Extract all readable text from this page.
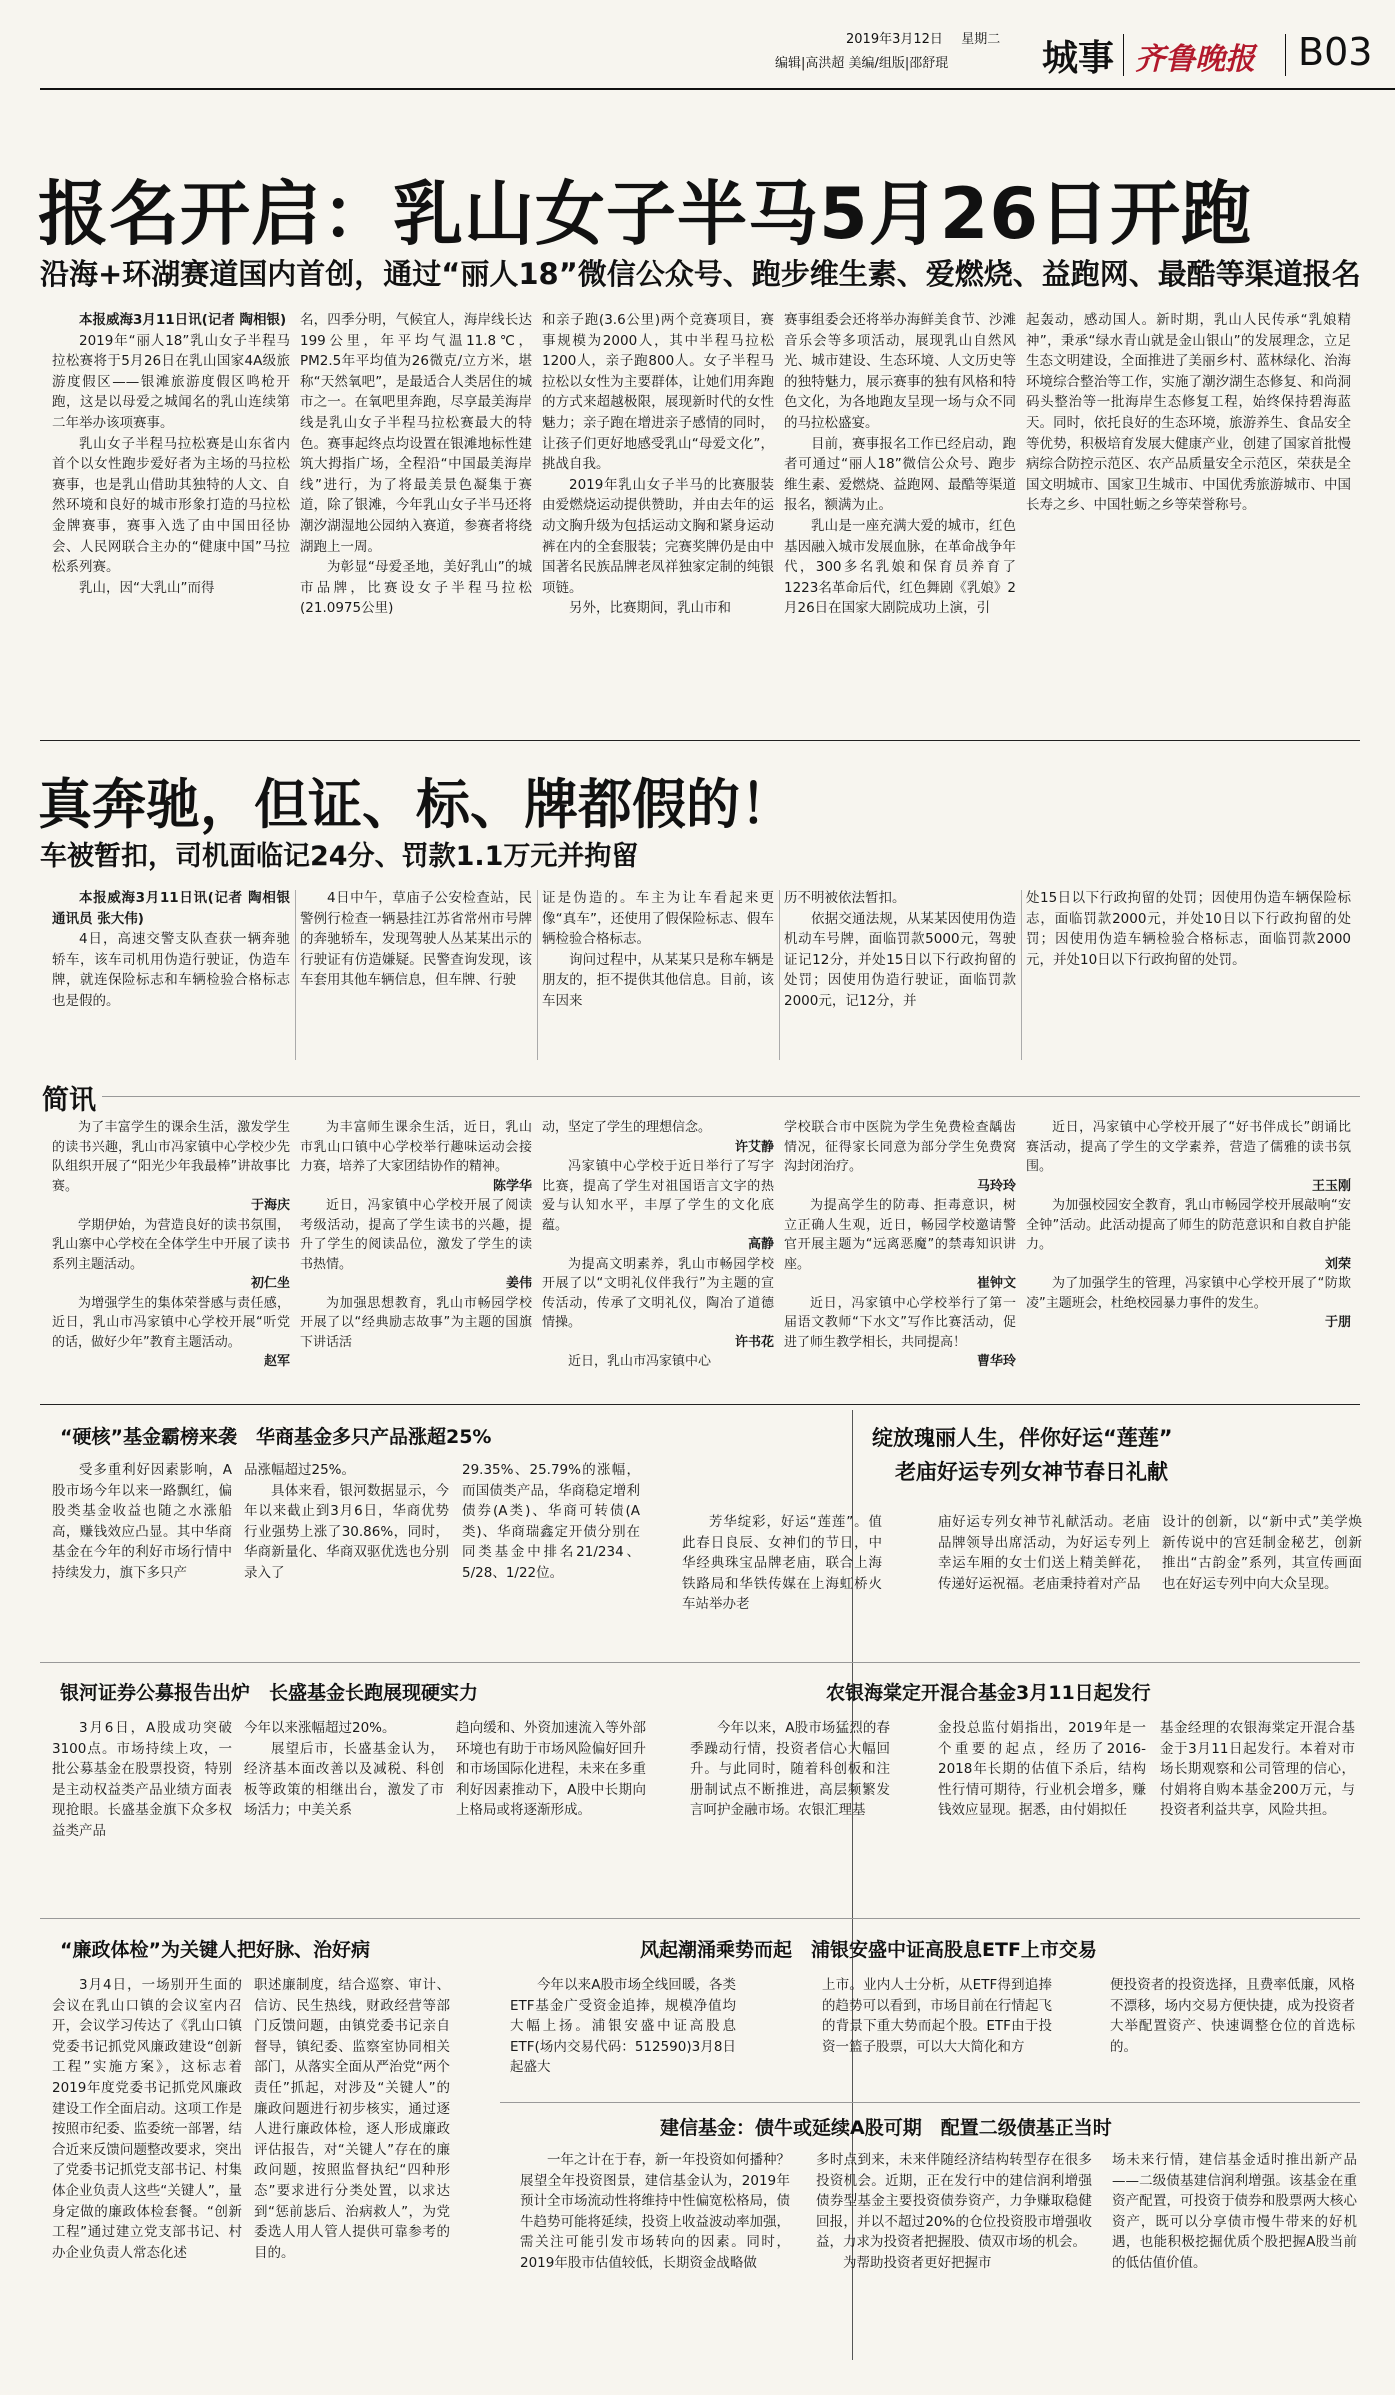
2019年3月12日 星期二
编辑|高洪超 美编/组版|邵舒琨	城事 齐鲁晚报 B03
报名开启：乳山女子半马5月26日开跑
沿海+环湖赛道国内首创，通过“丽人18”微信公众号、跑步维生素、爱燃烧、益跑网、最酷等渠道报名

本报威海3月11日讯(记者 陶相银)

2019年“丽人18”乳山女子半程马拉松赛将于5月26日在乳山国家4A级旅游度假区——银滩旅游度假区鸣枪开跑，这是以母爱之城闻名的乳山连续第二年举办该项赛事。

乳山女子半程马拉松赛是山东省内首个以女性跑步爱好者为主场的马拉松赛事，也是乳山借助其独特的人文、自然环境和良好的城市形象打造的马拉松金牌赛事，赛事入选了由中国田径协会、人民网联合主办的“健康中国”马拉松系列赛。

乳山，因“大乳山”而得

名，四季分明，气候宜人，海岸线长达199公里，年平均气温11.8℃，PM2.5年平均值为26微克/立方米，堪称“天然氧吧”，是最适合人类居住的城市之一。在氧吧里奔跑，尽享最美海岸线是乳山女子半程马拉松赛最大的特色。赛事起终点均设置在银滩地标性建筑大拇指广场，全程沿“中国最美海岸线”进行，为了将最美景色凝集于赛道，除了银滩，今年乳山女子半马还将潮汐湖湿地公园纳入赛道，参赛者将绕湖跑上一周。

为彰显“母爱圣地，美好乳山”的城市品牌，比赛设女子半程马拉松(21.0975公里)

和亲子跑(3.6公里)两个竞赛项目，赛事规模为2000人，其中半程马拉松1200人，亲子跑800人。女子半程马拉松以女性为主要群体，让她们用奔跑的方式来超越极限，展现新时代的女性魅力；亲子跑在增进亲子感情的同时，让孩子们更好地感受乳山“母爱文化”，挑战自我。

2019年乳山女子半马的比赛服装由爱燃烧运动提供赞助，并由去年的运动文胸升级为包括运动文胸和紧身运动裤在内的全套服装；完赛奖牌仍是由中国著名民族品牌老凤祥独家定制的纯银项链。

另外，比赛期间，乳山市和

赛事组委会还将举办海鲜美食节、沙滩音乐会等多项活动，展现乳山自然风光、城市建设、生态环境、人文历史等的独特魅力，展示赛事的独有风格和特色文化，为各地跑友呈现一场与众不同的马拉松盛宴。

目前，赛事报名工作已经启动，跑者可通过“丽人18”微信公众号、跑步维生素、爱燃烧、益跑网、最酷等渠道报名，额满为止。

乳山是一座充满大爱的城市，红色基因融入城市发展血脉，在革命战争年代，300多名乳娘和保育员养育了1223名革命后代，红色舞剧《乳娘》2月26日在国家大剧院成功上演，引

起轰动，感动国人。新时期，乳山人民传承“乳娘精神”，秉承“绿水青山就是金山银山”的发展理念，立足生态文明建设，全面推进了美丽乡村、蓝林绿化、治海环境综合整治等工作，实施了潮汐湖生态修复、和尚洞码头整治等一批海岸生态修复工程，始终保持碧海蓝天。同时，依托良好的生态环境，旅游养生、食品安全等优势，积极培育发展大健康产业，创建了国家首批慢病综合防控示范区、农产品质量安全示范区，荣获是全国文明城市、国家卫生城市、中国优秀旅游城市、中国长寿之乡、中国牡蛎之乡等荣誉称号。

真奔驰，但证、标、牌都假的！
车被暂扣，司机面临记24分、罚款1.1万元并拘留

本报威海3月11日讯(记者 陶相银 通讯员 张大伟)

4日，高速交警支队查获一辆奔驰轿车，该车司机用伪造行驶证，伪造车牌，就连保险标志和车辆检验合格标志也是假的。

4日中午，草庙子公安检查站，民警例行检查一辆悬挂江苏省常州市号牌的奔驰轿车，发现驾驶人丛某某出示的行驶证有仿造嫌疑。民警查询发现，该车套用其他车辆信息，但车牌、行驶

证是伪造的。车主为让车看起来更像“真车”，还使用了假保险标志、假车辆检验合格标志。

询问过程中，从某某只是称车辆是朋友的，拒不提供其他信息。目前，该车因来

历不明被依法暂扣。

依据交通法规，从某某因使用伪造机动车号牌，面临罚款5000元，驾驶证记12分，并处15日以下行政拘留的处罚；因使用伪造行驶证，面临罚款2000元，记12分，并

处15日以下行政拘留的处罚；因使用伪造车辆保险标志，面临罚款2000元，并处10日以下行政拘留的处罚；因使用伪造车辆检验合格标志，面临罚款2000元，并处10日以下行政拘留的处罚。

简讯

为了丰富学生的课余生活，激发学生的读书兴趣，乳山市冯家镇中心学校少先队组织开展了“阳光少年我最棒”讲故事比赛。

于海庆

学期伊始，为营造良好的读书氛围，乳山寨中心学校在全体学生中开展了读书系列主题活动。

初仁坐

为增强学生的集体荣誉感与责任感，近日，乳山市冯家镇中心学校开展“听党的话，做好少年”教育主题活动。

赵军

为丰富师生课余生活，近日，乳山市乳山口镇中心学校举行趣味运动会接力赛，培养了大家团结协作的精神。

陈学华

近日，冯家镇中心学校开展了阅读考级活动，提高了学生读书的兴趣，提升了学生的阅读品位，激发了学生的读书热情。

姜伟

为加强思想教育，乳山市畅园学校开展了以“经典励志故事”为主题的国旗下讲话活

动，坚定了学生的理想信念。

许艾静

冯家镇中心学校于近日举行了写字比赛，提高了学生对祖国语言文字的热爱与认知水平，丰厚了学生的文化底蕴。

高静

为提高文明素养，乳山市畅园学校开展了以“文明礼仪伴我行”为主题的宣传活动，传承了文明礼仪，陶冶了道德情操。

许书花

近日，乳山市冯家镇中心

学校联合市中医院为学生免费检查龋齿情况，征得家长同意为部分学生免费窝沟封闭治疗。

马玲玲

为提高学生的防毒、拒毒意识，树立正确人生观，近日，畅园学校邀请警官开展主题为“远离恶魔”的禁毒知识讲座。

崔钟文

近日，冯家镇中心学校举行了第一届语文教师“下水文”写作比赛活动，促进了师生教学相长，共同提高！

曹华玲

近日，冯家镇中心学校开展了“好书伴成长”朗诵比赛活动，提高了学生的文学素养，营造了儒雅的读书氛围。

王玉刚

为加强校园安全教育，乳山市畅园学校开展敲响“安全钟”活动。此活动提高了师生的防范意识和自救自护能力。

刘荣

为了加强学生的管理，冯家镇中心学校开展了“防欺凌”主题班会，杜绝校园暴力事件的发生。

于朋

“硬核”基金霸榜来袭　华商基金多只产品涨超25%

受多重利好因素影响，A股市场今年以来一路飘红，偏股类基金收益也随之水涨船高，赚钱效应凸显。其中华商基金在今年的利好市场行情中持续发力，旗下多只产

品涨幅超过25%。

具体来看，银河数据显示，今年以来截止到3月6日，华商优势行业强势上涨了30.86%，同时，华商新量化、华商双驱优选也分别录入了

29.35%、25.79%的涨幅，而国债类产品，华商稳定增利债券(A类)、华商可转债(A类)、华商瑞鑫定开债分别在同类基金中排名21/234、5/28、1/22位。

银河证券公募报告出炉　长盛基金长跑展现硬实力

3月6日，A股成功突破3100点。市场持续上攻，一批公募基金在股票投资，特别是主动权益类产品业绩方面表现抢眼。长盛基金旗下众多权益类产品

今年以来涨幅超过20%。

展望后市，长盛基金认为，经济基本面改善以及减税、科创板等政策的相继出台，激发了市场活力；中美关系

趋向缓和、外资加速流入等外部环境也有助于市场风险偏好回升和市场国际化进程，未来在多重利好因素推动下，A股中长期向上格局或将逐渐形成。

“廉政体检”为关键人把好脉、治好病

3月4日，一场别开生面的会议在乳山口镇的会议室内召开，会议学习传达了《乳山口镇党委书记抓党风廉政建设“创新工程”实施方案》，这标志着2019年度党委书记抓党风廉政建设工作全面启动。这项工作是按照市纪委、监委统一部署，结合近来反馈问题整改要求，突出了党委书记抓党支部书记、村集体企业负责人这些“关键人”，量身定做的廉政体检套餐。“创新工程”通过建立党支部书记、村办企业负责人常态化述

职述廉制度，结合巡察、审计、信访、民生热线，财政经营等部门反馈问题，由镇党委书记亲自督导，镇纪委、监察室协同相关部门，从落实全面从严治党“两个责任”抓起，对涉及“关键人”的廉政问题进行初步核实，通过逐人进行廉政体检，逐人形成廉政评估报告，对“关键人”存在的廉政问题，按照监督执纪“四种形态”要求进行分类处置，以求达到“惩前毖后、治病救人”，为党委选人用人管人提供可靠参考的目的。

绽放瑰丽人生，伴你好运“莲莲”
老庙好运专列女神节春日礼献

芳华绽彩，好运“莲莲”。值此春日良辰、女神们的节日，中华经典珠宝品牌老庙，联合上海铁路局和华铁传媒在上海虹桥火车站举办老

庙好运专列女神节礼献活动。老庙品牌领导出席活动，为好运专列上幸运车厢的女士们送上精美鲜花，传递好运祝福。老庙秉持着对产品

设计的创新，以“新中式”美学焕新传说中的宫廷制金秘艺，创新推出“古韵金”系列，其宣传画面也在好运专列中向大众呈现。

农银海棠定开混合基金3月11日起发行

今年以来，A股市场猛烈的春季躁动行情，投资者信心大幅回升。与此同时，随着科创板和注册制试点不断推进，高层频繁发言呵护金融市场。农银汇理基

金投总监付娟指出，2019年是一个重要的起点，经历了2016-2018年长期的估值下杀后，结构性行情可期待，行业机会增多，赚钱效应显现。据悉，由付娟拟任

基金经理的农银海棠定开混合基金于3月11日起发行。本着对市场长期观察和公司管理的信心，付娟将自购本基金200万元，与投资者利益共享，风险共担。

风起潮涌乘势而起　浦银安盛中证高股息ETF上市交易

今年以来A股市场全线回暖，各类ETF基金广受资金追捧，规模净值均大幅上扬。浦银安盛中证高股息ETF(场内交易代码：512590)3月8日起盛大

上市。业内人士分析，从ETF得到追捧的趋势可以看到，市场目前在行情起飞的背景下重大势而起个股。ETF由于投资一篮子股票，可以大大简化和方

便投资者的投资选择，且费率低廉，风格不漂移，场内交易方便快捷，成为投资者大举配置资产、快速调整仓位的首选标的。

建信基金：债牛或延续A股可期　配置二级债基正当时

一年之计在于春，新一年投资如何播种？展望全年投资图景，建信基金认为，2019年预计全市场流动性将维持中性偏宽松格局，债牛趋势可能将延续，投资上收益波动率加强，需关注可能引发市场转向的因素。同时，2019年股市估值较低，长期资金战略做

多时点到来，未来伴随经济结构转型存在很多投资机会。近期，正在发行中的建信润利增强债券型基金主要投资债券资产，力争赚取稳健回报，并以不超过20%的仓位投资股市增强收益，力求为投资者把握股、债双市场的机会。

为帮助投资者更好把握市

场未来行情，建信基金适时推出新产品——二级债基建信润利增强。该基金在重资产配置，可投资于债券和股票两大核心资产，既可以分享债市慢牛带来的好机遇，也能积极挖掘优质个股把握A股当前的低估值价值。
